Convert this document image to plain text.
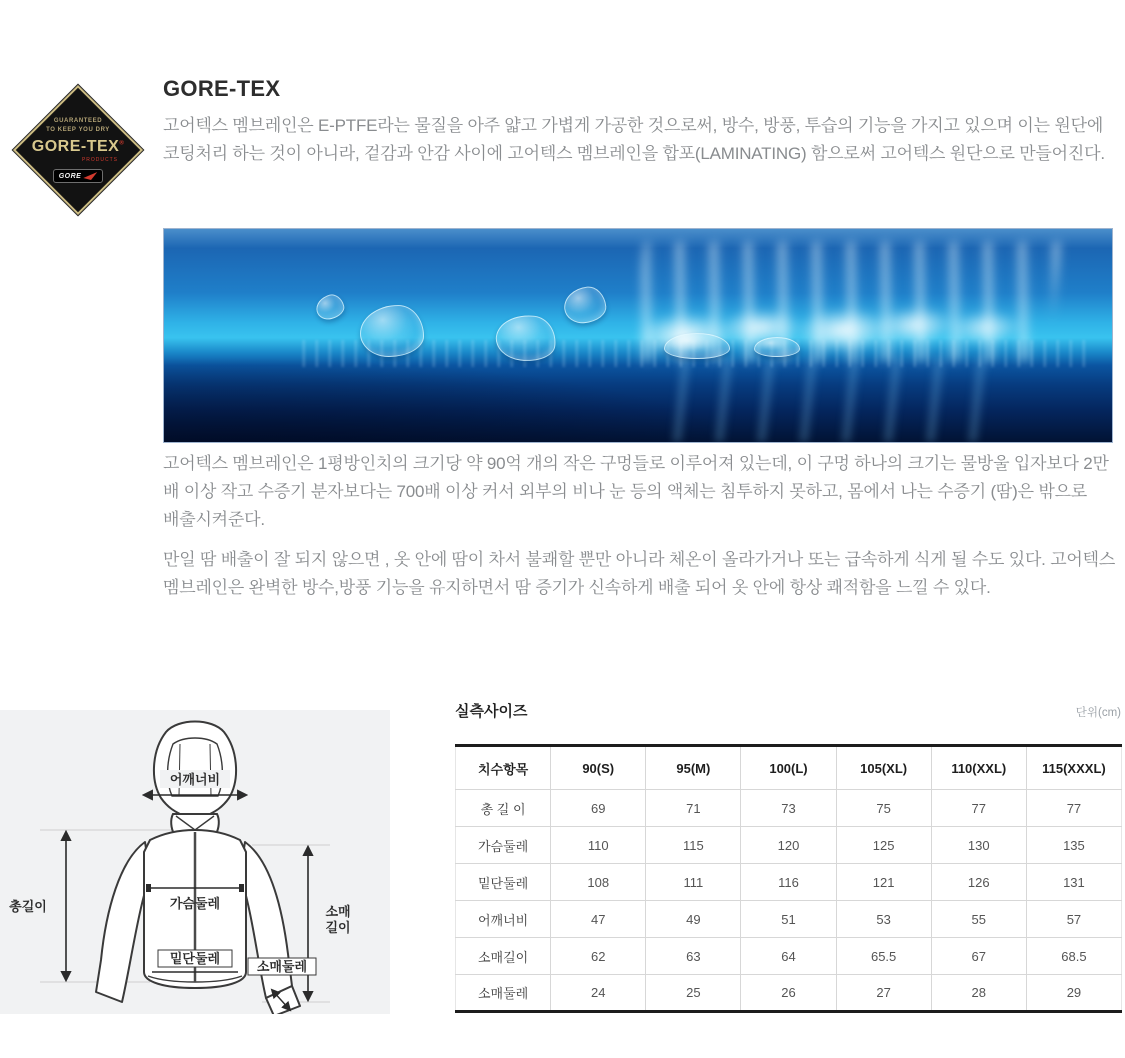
GUARANTEED
TO KEEP YOU DRY
GORE-TEX®
PRODUCTS
GORE
GORE-TEX

고어텍스 멤브레인은 E-PTFE라는 물질을 아주 얇고 가볍게 가공한 것으로써, 방수, 방풍, 투습의 기능을 가지고 있으며 이는 원단에 코팅처리 하는 것이 아니라, 겉감과 안감 사이에 고어텍스 멤브레인을 합포(LAMINATING) 함으로써 고어텍스 원단으로 만들어진다.

고어텍스 멤브레인은 1평방인치의 크기당 약 90억 개의 작은 구멍들로 이루어져 있는데, 이 구멍 하나의 크기는 물방울 입자보다 2만 배 이상 작고 수증기 분자보다는 700배 이상 커서 외부의 비나 눈 등의 액체는 침투하지 못하고, 몸에서 나는 수증기 (땀)은 밖으로 배출시켜준다.

만일 땀 배출이 잘 되지 않으면 , 옷 안에 땀이 차서 불쾌할 뿐만 아니라 체온이 올라가거나 또는 급속하게 식게 될 수도 있다. 고어텍스 멤브레인은 완벽한 방수,방풍 기능을 유지하면서 땀 증기가 신속하게 배출 되어 옷 안에 항상 쾌적함을 느낄 수 있다.

어깨너비
총길이	가슴둘레
밑단둘레
소매
길이
소매둘레
실측사이즈	단위(cm)
치수항목	90(S)	95(M)	100(L)	105(XL)	110(XXL)	115(XXXL)
총 길 이	69	71	73	75	77	77
가슴둘레	110	115	120	125	130	135
밑단둘레	108	111	116	121	126	131
어깨너비	47	49	51	53	55	57
소매길이	62	63	64	65.5	67	68.5
소매둘레	24	25	26	27	28	29
